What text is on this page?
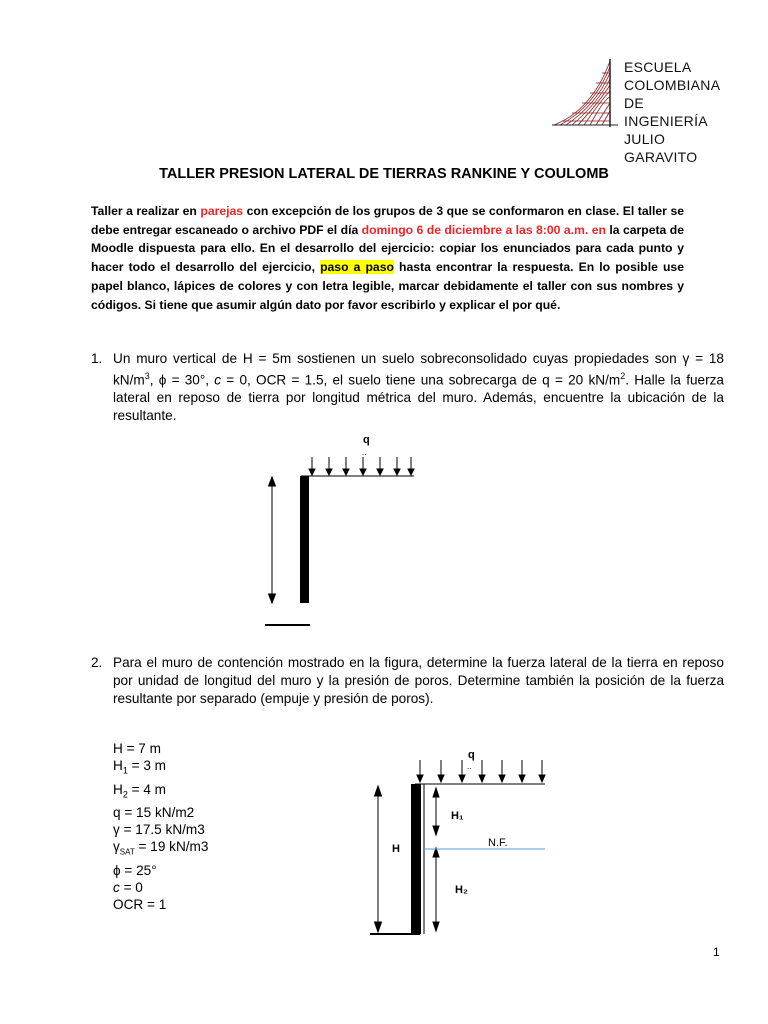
ESCUELA
COLOMBIANA
DE INGENIERÍA
JULIO GARAVITO
TALLER PRESION LATERAL DE TIERRAS RANKINE Y COULOMB
Taller a realizar en parejas con excepción de los grupos de 3 que se conformaron en clase. El taller se debe entregar escaneado o archivo PDF el día domingo 6 de diciembre a las 8:00 a.m. en la carpeta de Moodle dispuesta para ello. En el desarrollo del ejercicio: copiar los enunciados para cada punto y hacer todo el desarrollo del ejercicio, paso a paso hasta encontrar la respuesta. En lo posible use papel blanco, lápices de colores y con letra legible, marcar debidamente el taller con sus nombres y códigos. Si tiene que asumir algún dato por favor escribirlo y explicar el por qué.
1. Un muro vertical de H = 5m sostienen un suelo sobreconsolidado cuyas propiedades son γ = 18 $kN/m^3$, ϕ = 30°, c = 0, OCR = 1.5, el suelo tiene una sobrecarga de q = 20 $kN/m^2$. Halle la fuerza lateral en reposo de tierra por longitud métrica del muro. Además, encuentre la ubicación de la resultante.
q
..
q
..
H
H₁
H₂
N.F.
2. Para el muro de contención mostrado en la figura, determine la fuerza lateral de la tierra en reposo por unidad de longitud del muro y la presión de poros. Determine también la posición de la fuerza resultante por separado (empuje y presión de poros).
H = 7 m
$H_1 = 3$ m
$H_2 = 4$ m
q = 15 kN/m2
γ = 17.5 kN/m3
$\gamma_{SAT} = 19$ kN/m3
ϕ = 25°
c = 0
OCR = 1
1
